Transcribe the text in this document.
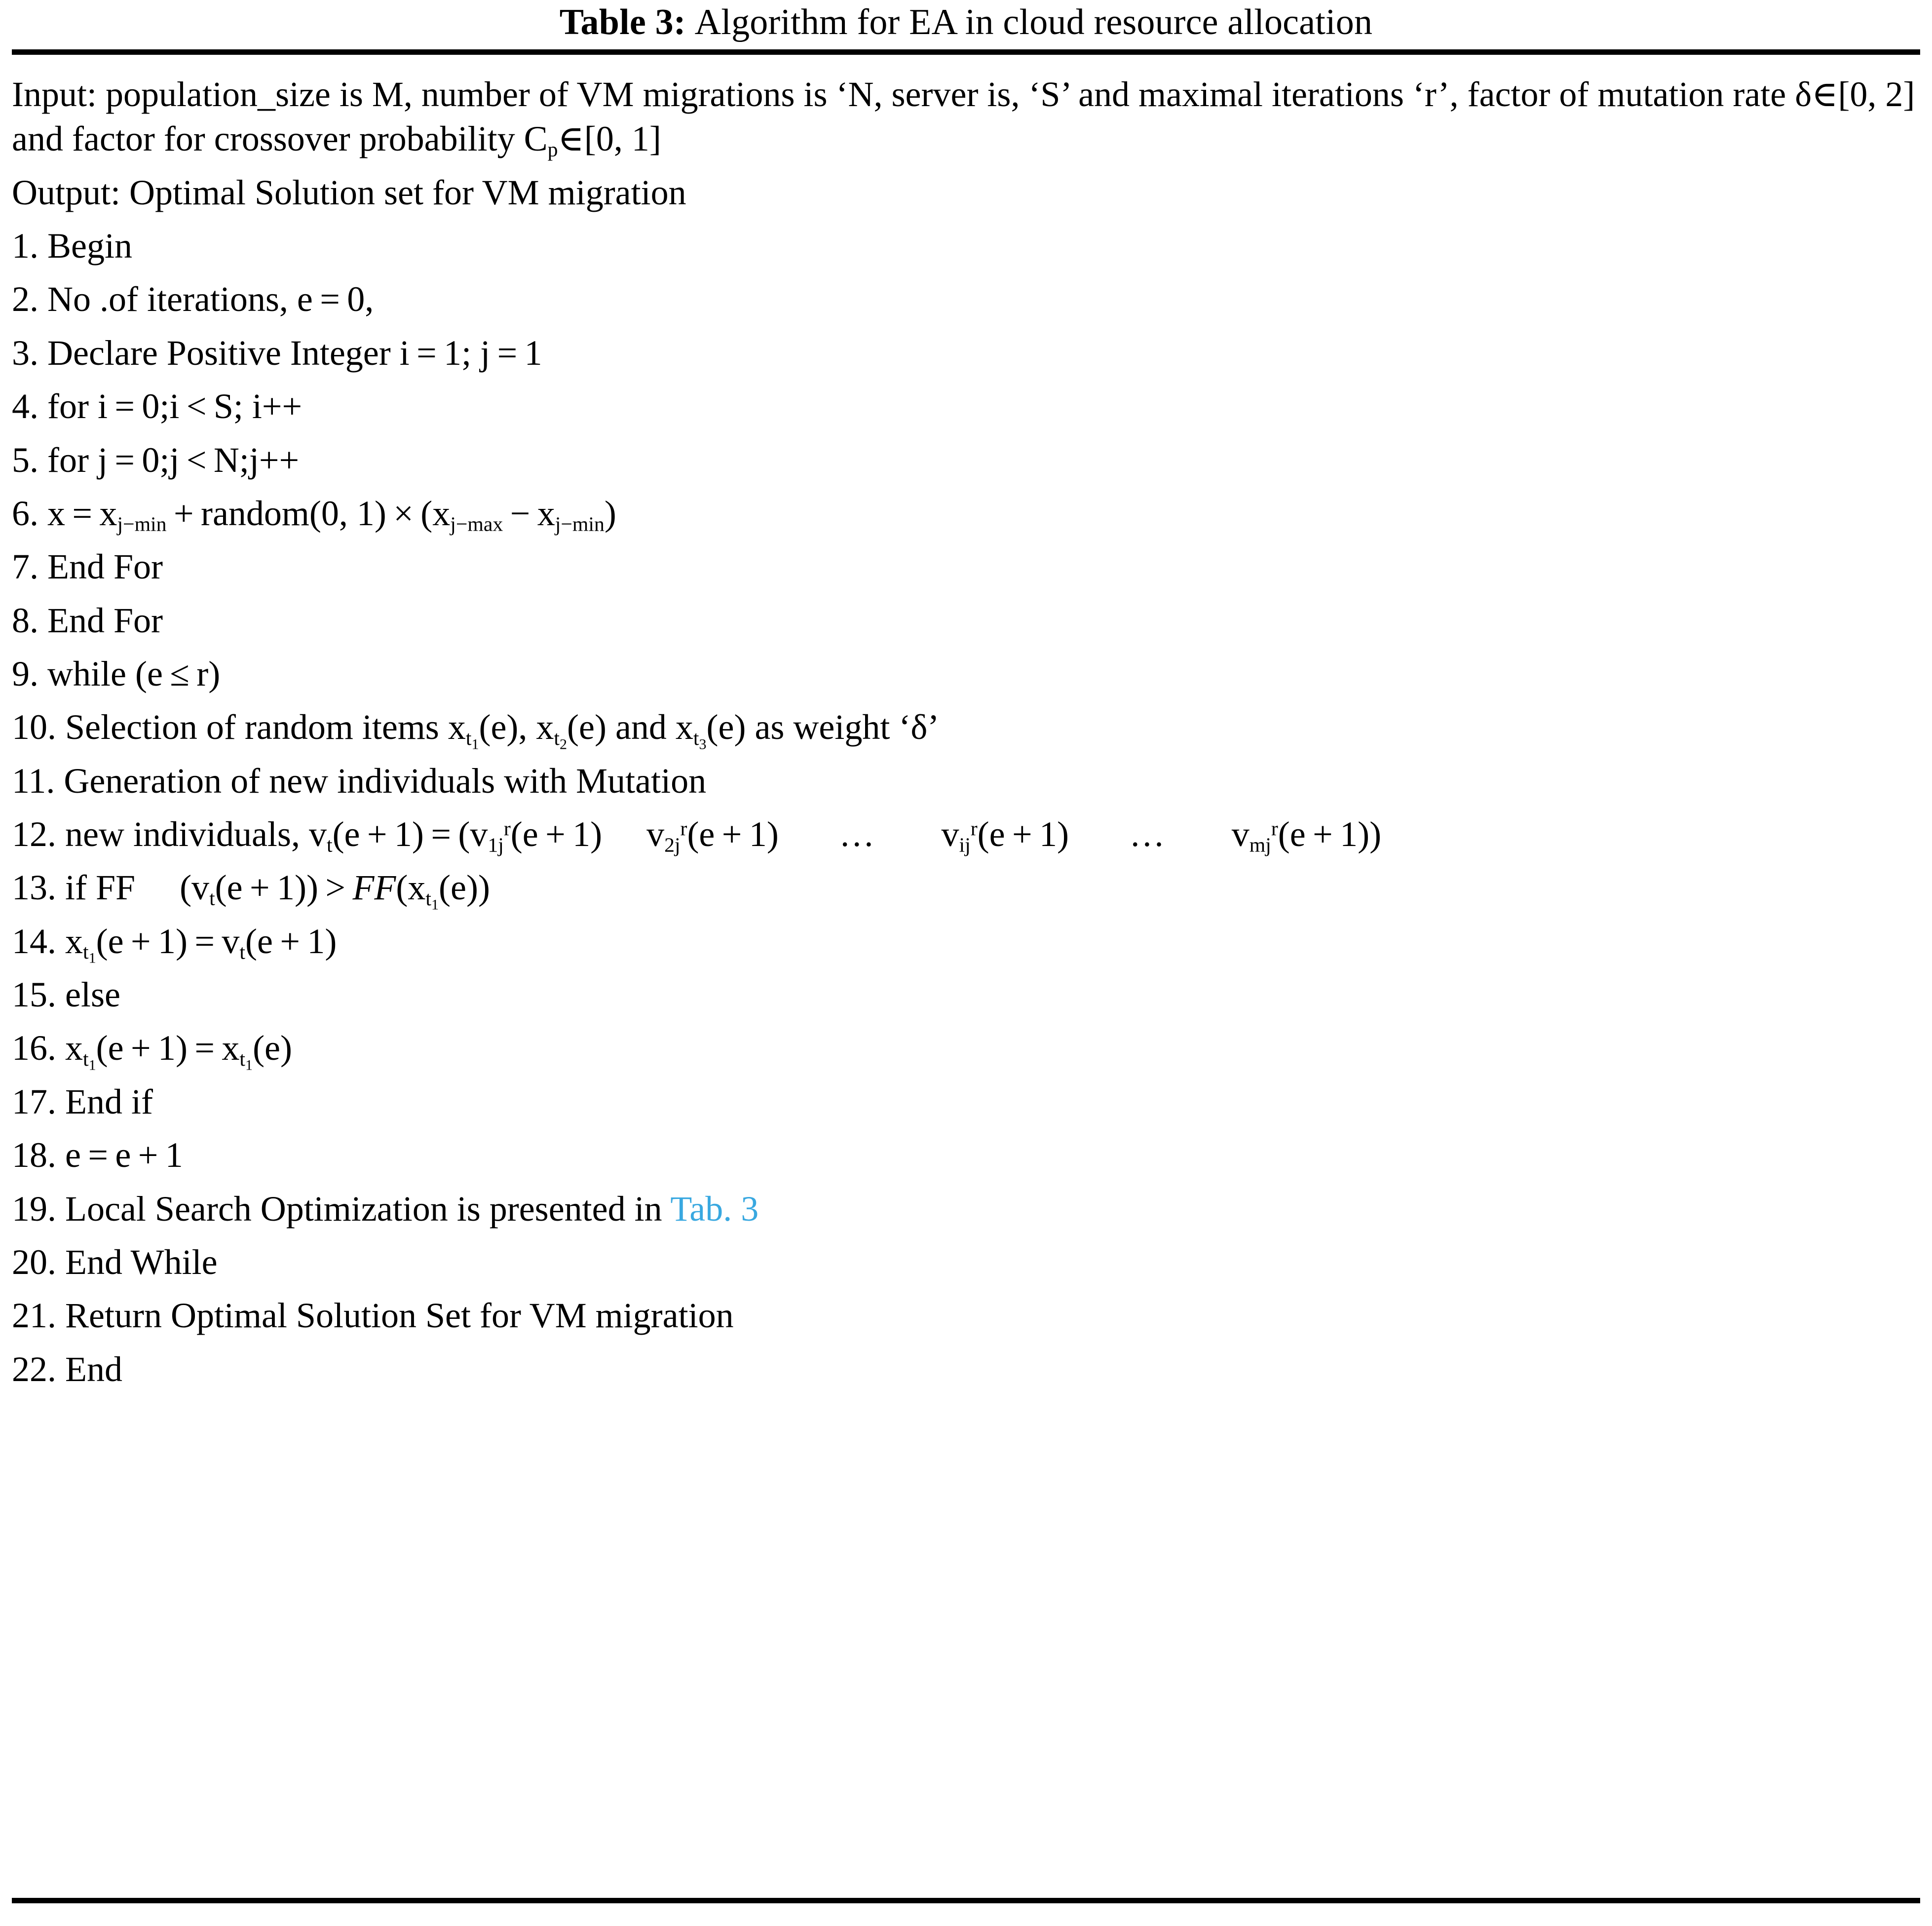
Table 3: Algorithm for EA in cloud resource allocation
Input: population_size is M, number of VM migrations is ‘N, server is, ‘S’ and maximal iterations ‘r’, factor of mutation rate δ∈[0, 2] and factor for crossover probability $C_p\in[0$, 1]
Output: Optimal Solution set for VM migration
1. Begin
2. No .of iterations, e = 0,
3. Declare Positive Integer i = 1; j = 1
4. for i = 0;i < S; i++
5. for j = 0;j < N;j++
6. $x = x_{j-min}$ + random(0, $1) \times (x_{j-max} - x_{j-min})$
7. End For
8. End For
9. while (e ≤ r)
10. Selection of random items $x_{t_1}(e)$, $x_{t_2}(e)$ and $x_{t_3}(e)$ as weight ‘δ’
11. Generation of new individuals with Mutation
12. new individuals, $v_t(e + 1) = (v_{1j}^r(e + 1) v_{2j}^r(e + 1)$ … $v_{ij}^r(e + 1)$ … $v_{mj}^r(e + 1)$)
13. if FF $(v_t(e + 1)) > FF(x_{t_1}(e))$
14. $x_{t_1}(e + 1) = v_t(e + 1)$
15. else
16. $x_{t_1}(e + 1) = x_{t_1}(e)$
17. End if
18. e = e + 1
19. Local Search Optimization is presented in Tab. 3
20. End While
21. Return Optimal Solution Set for VM migration
22. End
